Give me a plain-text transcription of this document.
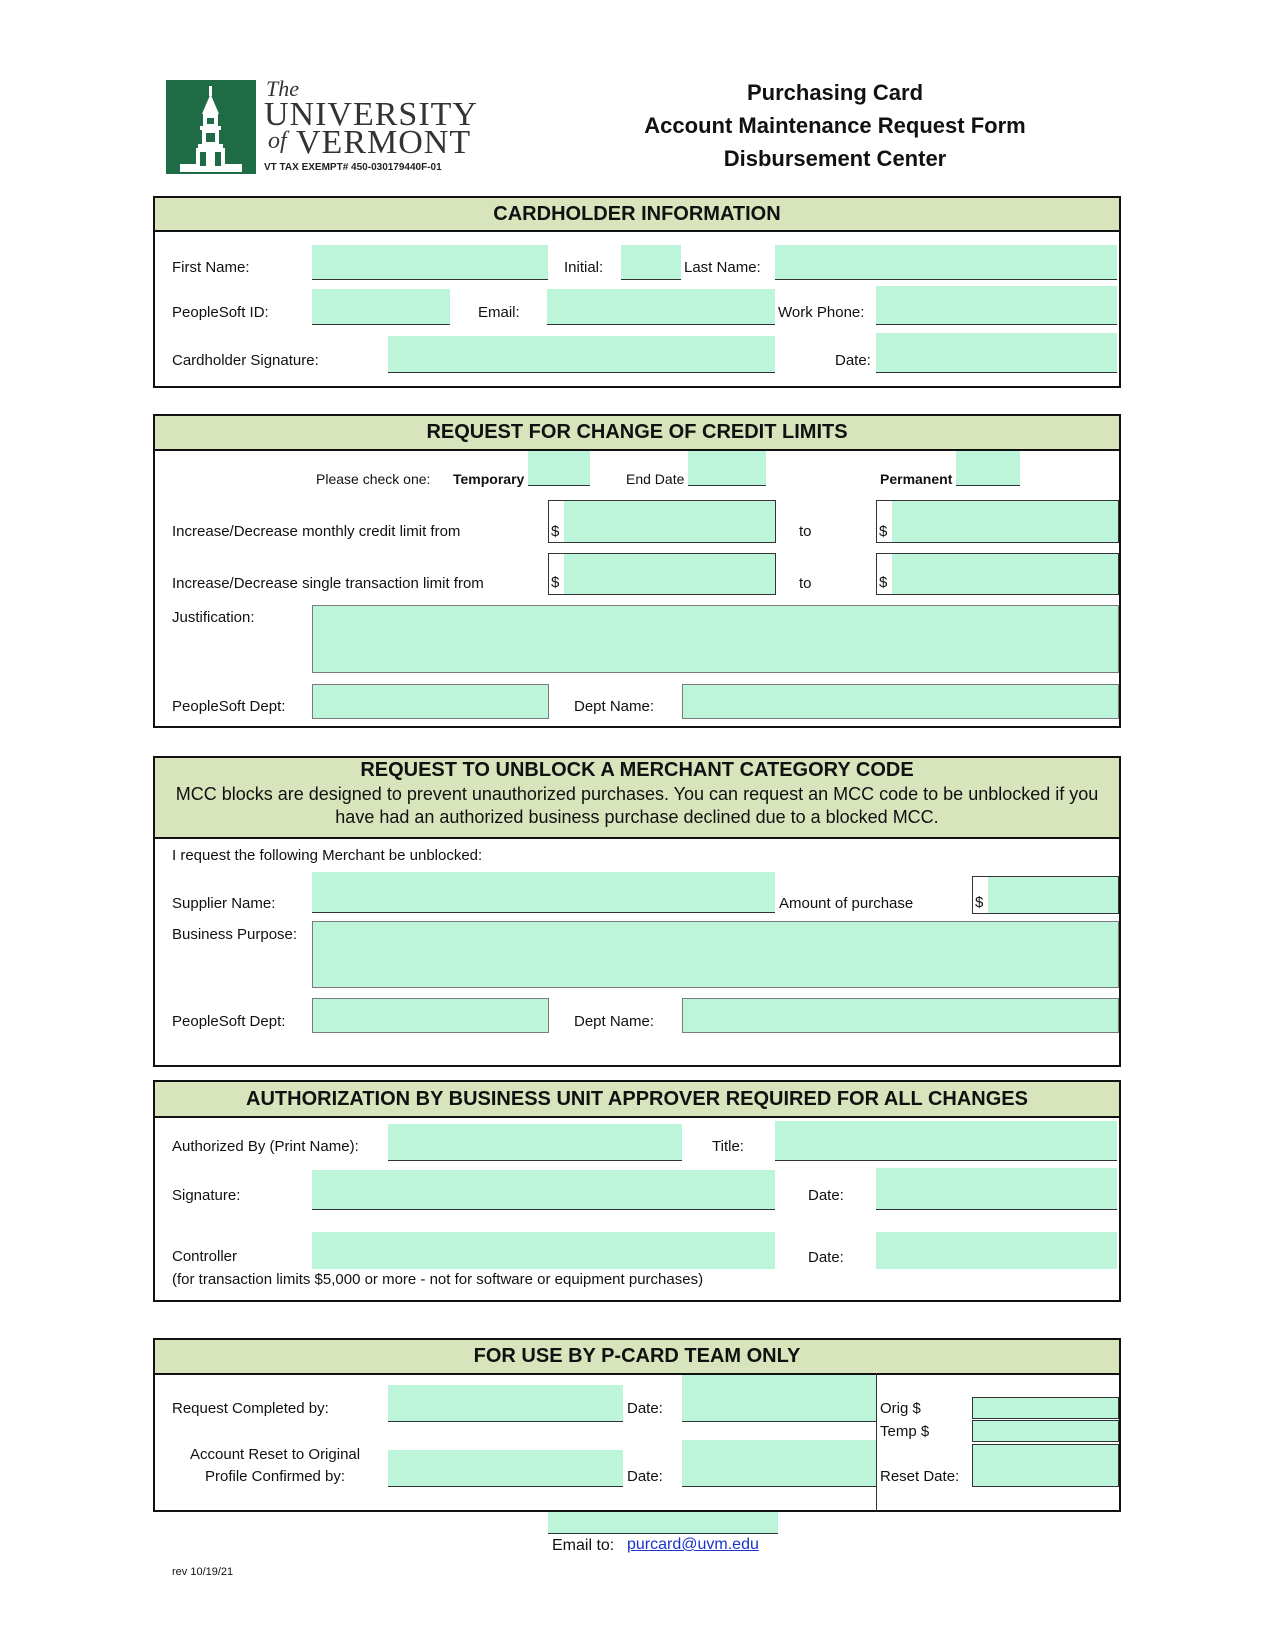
The
UNIVERSITY
of VERMONT
VT TAX EXEMPT# 450-030179440F-01
Purchasing Card
Account Maintenance Request Form
Disbursement Center
CARDHOLDER INFORMATION
First Name:	Initial:	Last Name:
PeopleSoft ID:	Email:	Work Phone:
Cardholder Signature:	Date:
REQUEST FOR CHANGE OF CREDIT LIMITS
Please check one: Temporary	End Date	Permanent
Increase/Decrease monthly credit limit from	$	to	$
Increase/Decrease single transaction limit from	$	to	$
Justification:
PeopleSoft Dept:	Dept Name:
REQUEST TO UNBLOCK A MERCHANT CATEGORY CODE
MCC blocks are designed to prevent unauthorized purchases. You can request an MCC code to be unblocked if you
have had an authorized business purchase declined due to a blocked MCC.
I request the following Merchant be unblocked:
Supplier Name:	Amount of purchase	$
Business Purpose:
PeopleSoft Dept:	Dept Name:
AUTHORIZATION BY BUSINESS UNIT APPROVER REQUIRED FOR ALL CHANGES
Authorized By (Print Name):	Title:
Signature:	Date:
Controller	Date:
(for transaction limits $5,000 or more - not for software or equipment purchases)
FOR USE BY P-CARD TEAM ONLY
Request Completed by:	Date:	Orig $
Temp $
Account Reset to Original
Profile Confirmed by:	Date:	Reset Date:
Email to: purcard@uvm.edu
rev 10/19/21
